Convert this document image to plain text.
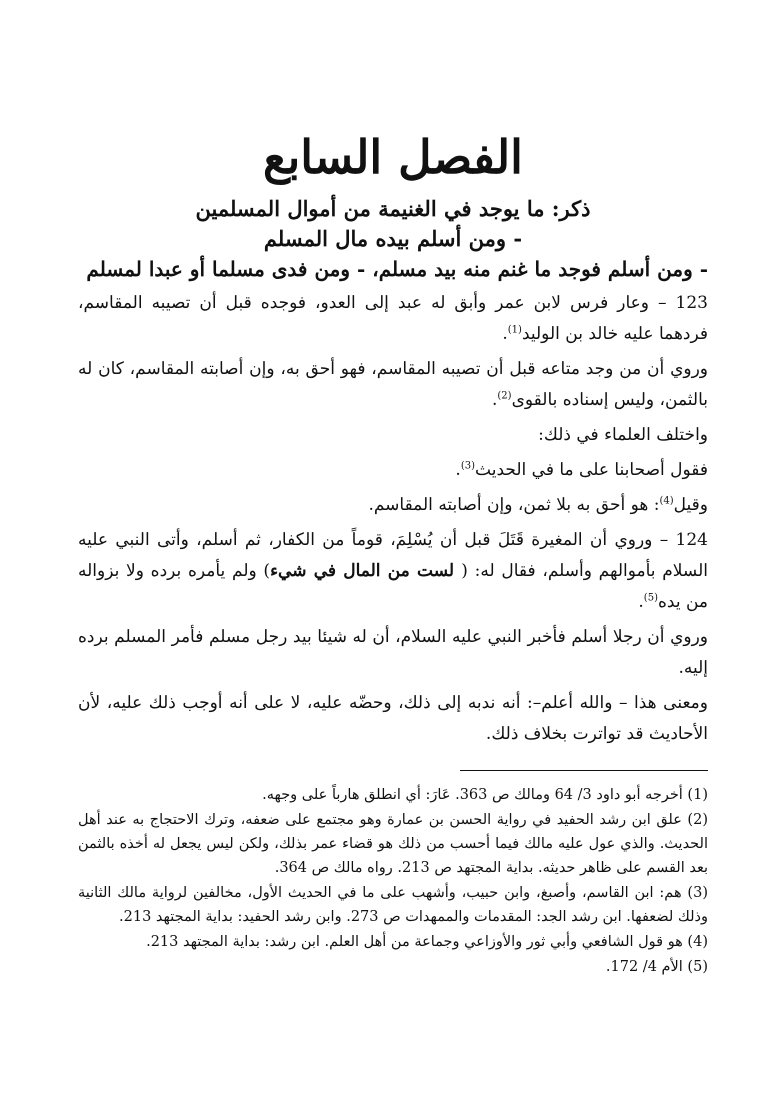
الفصل السابع
ذكر: ما يوجد في الغنيمة من أموال المسلمين
- ومن أسلم بيده مال المسلم
- ومن أسلم فوجد ما غنم منه بيد مسلم، - ومن فدى مسلما أو عبدا لمسلم

123 – وعار فرس لابن عمر وأبق له عبد إلى العدو، فوجده قبل أن تصيبه المقاسم، فردهما عليه خالد بن الوليد$^{(1)}$.

وروي أن من وجد متاعه قبل أن تصيبه المقاسم، فهو أحق به، وإن أصابته المقاسم، كان له بالثمن، وليس إسناده بالقوى$^{(2)}$.

واختلف العلماء في ذلك:

فقول أصحابنا على ما في الحديث$^{(3)}$.

وقيل$^{(4)}$: هو أحق به بلا ثمن، وإن أصابته المقاسم.

124 – وروي أن المغيرة قَتَلَ قبل أن يُسْلِمَ، قوماً من الكفار، ثم أسلم، وأتى النبي عليه السلام بأموالهم وأسلم، فقال له: ( لست من المال في شيء) ولم يأمره برده ولا بزواله من يده$^{(5)}$.

وروي أن رجلا أسلم فأخبر النبي عليه السلام، أن له شيئا بيد رجل مسلم فأمر المسلم برده إليه.

ومعنى هذا – والله أعلم–: أنه ندبه إلى ذلك، وحضّه عليه، لا على أنه أوجب ذلك عليه، لأن الأحاديث قد تواترت بخلاف ذلك.

(1) أخرجه أبو داود 3/ 64 ومالك ص 363. عَارَ: أي انطلق هارباً على وجهه.

(2) علق ابن رشد الحفيد في رواية الحسن بن عمارة وهو مجتمع على ضعفه، وترك الاحتجاج به عند أهل الحديث. والذي عول عليه مالك فيما أحسب من ذلك هو قضاء عمر بذلك، ولكن ليس يجعل له أخذه بالثمن بعد القسم على ظاهر حديثه. بداية المجتهد ص 213. رواه مالك ص 364.

(3) هم: ابن القاسم، وأصبغ، وابن حبيب، وأشهب على ما في الحديث الأول، مخالفين لرواية مالك الثانية وذلك لضعفها. ابن رشد الجد: المقدمات والممهدات ص 273. وابن رشد الحفيد: بداية المجتهد 213.

(4) هو قول الشافعي وأبي ثور والأوزاعي وجماعة من أهل العلم. ابن رشد: بداية المجتهد 213.

(5) الأم 4/ 172.
